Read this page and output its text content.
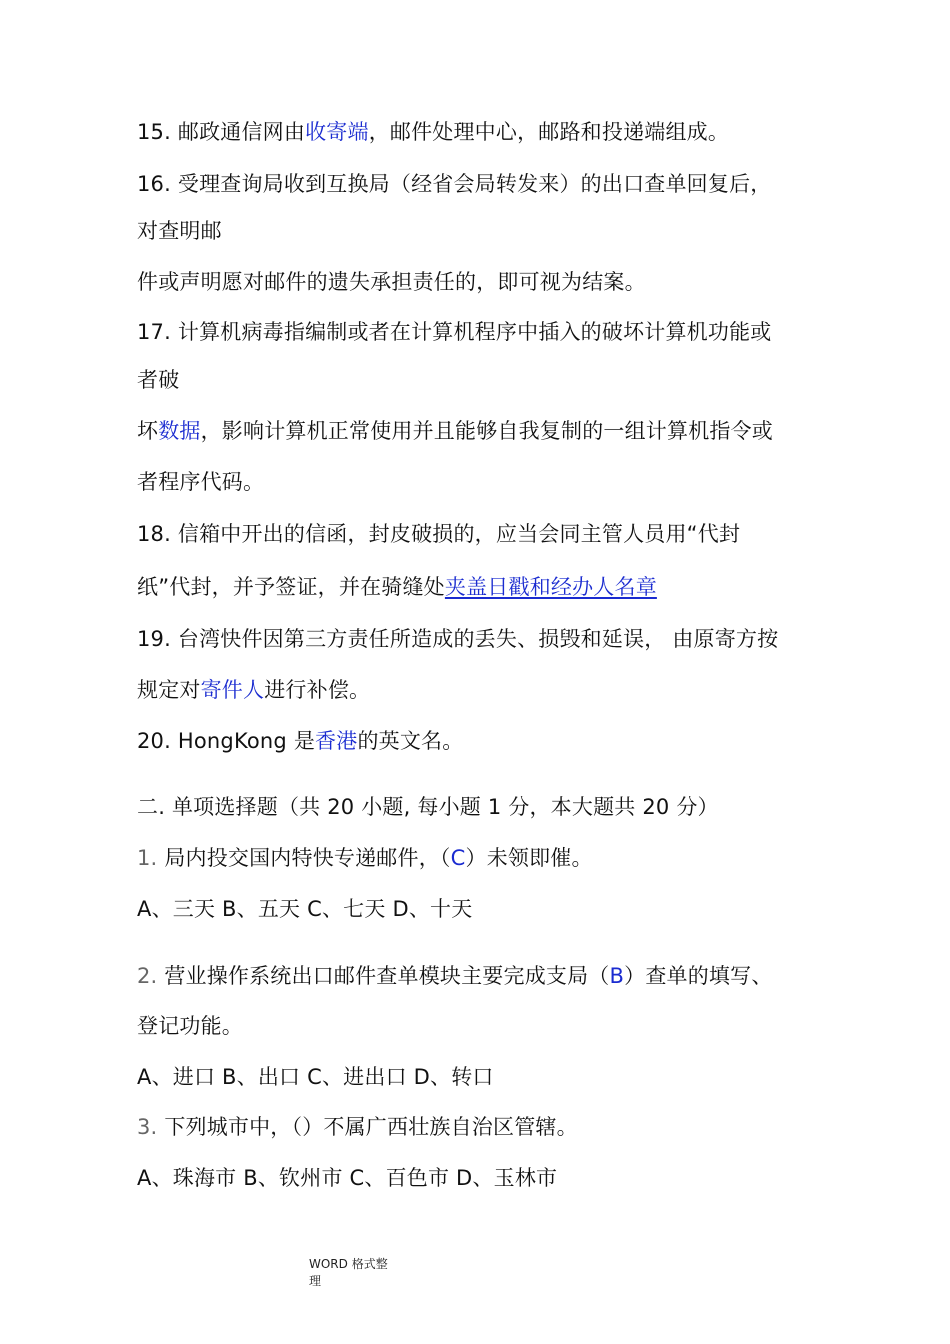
15. 邮政通信网由收寄端，邮件处理中心，邮路和投递端组成。
16. 受理查询局收到互换局（经省会局转发来）的出口查单回复后，
对查明邮
件或声明愿对邮件的遗失承担责任的，即可视为结案。
17. 计算机病毒指编制或者在计算机程序中插入的破坏计算机功能或
者破
坏数据，影响计算机正常使用并且能够自我复制的一组计算机指令或
者程序代码。
18. 信箱中开出的信函，封皮破损的，应当会同主管人员用“代封
纸”代封，并予签证，并在骑缝处夹盖日戳和经办人名章
19. 台湾快件因第三方责任所造成的丢失、损毁和延误， 由原寄方按
规定对寄件人进行补偿。
20. HongKong 是香港的英文名。
二. 单项选择题（共 20 小题, 每小题 1 分，本大题共 20 分）
1. 局内投交国内特快专递邮件，（C）未领即催。
A、三天 B、五天 C、七天 D、十天
2. 营业操作系统出口邮件查单模块主要完成支局（B）查单的填写、
登记功能。
A、进口 B、出口 C、进出口 D、转口
3. 下列城市中，（）不属广西壮族自治区管辖。
A、珠海市 B、钦州市 C、百色市 D、玉林市
WORD 格式整
理
